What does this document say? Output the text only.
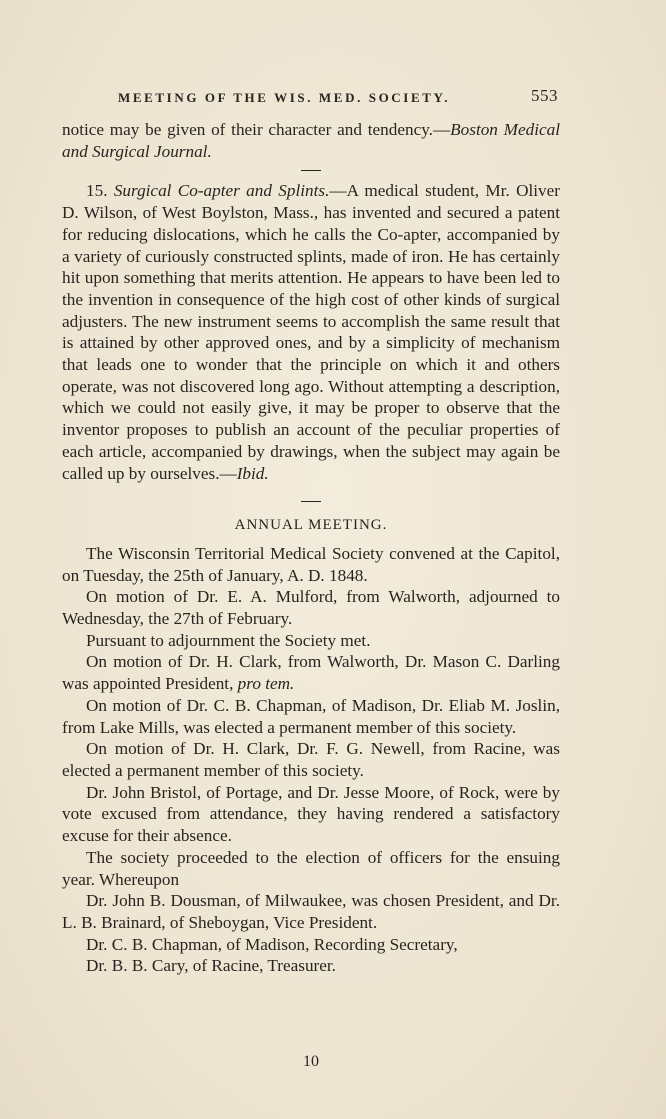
MEETING OF THE WIS. MED. SOCIETY.	553

notice may be given of their character and tendency.—Boston Medical and Surgical Journal.

15. Surgical Co-apter and Splints.—A medical student, Mr. Oliver D. Wilson, of West Boylston, Mass., has invented and secured a patent for reducing dislocations, which he calls the Co-apter, accompanied by a variety of curiously constructed splints, made of iron. He has certainly hit upon something that merits attention. He appears to have been led to the invention in consequence of the high cost of other kinds of surgical adjusters. The new instrument seems to accomplish the same result that is attained by other approved ones, and by a simplicity of mechanism that leads one to wonder that the principle on which it and others operate, was not discovered long ago. Without attempting a description, which we could not easily give, it may be proper to observe that the inventor proposes to publish an account of the peculiar properties of each article, accompanied by drawings, when the subject may again be called up by ourselves.—Ibid.

ANNUAL MEETING.

The Wisconsin Territorial Medical Society convened at the Capitol, on Tuesday, the 25th of January, A. D. 1848.

On motion of Dr. E. A. Mulford, from Walworth, adjourned to Wednesday, the 27th of February.

Pursuant to adjournment the Society met.

On motion of Dr. H. Clark, from Walworth, Dr. Mason C. Darling was appointed President, pro tem.

On motion of Dr. C. B. Chapman, of Madison, Dr. Eliab M. Joslin, from Lake Mills, was elected a permanent member of this society.

On motion of Dr. H. Clark, Dr. F. G. Newell, from Racine, was elected a permanent member of this society.

Dr. John Bristol, of Portage, and Dr. Jesse Moore, of Rock, were by vote excused from attendance, they having rendered a satisfactory excuse for their absence.

The society proceeded to the election of officers for the ensuing year. Whereupon

Dr. John B. Dousman, of Milwaukee, was chosen President, and Dr. L. B. Brainard, of Sheboygan, Vice President.

Dr. C. B. Chapman, of Madison, Recording Secretary,

Dr. B. B. Cary, of Racine, Treasurer.

10
